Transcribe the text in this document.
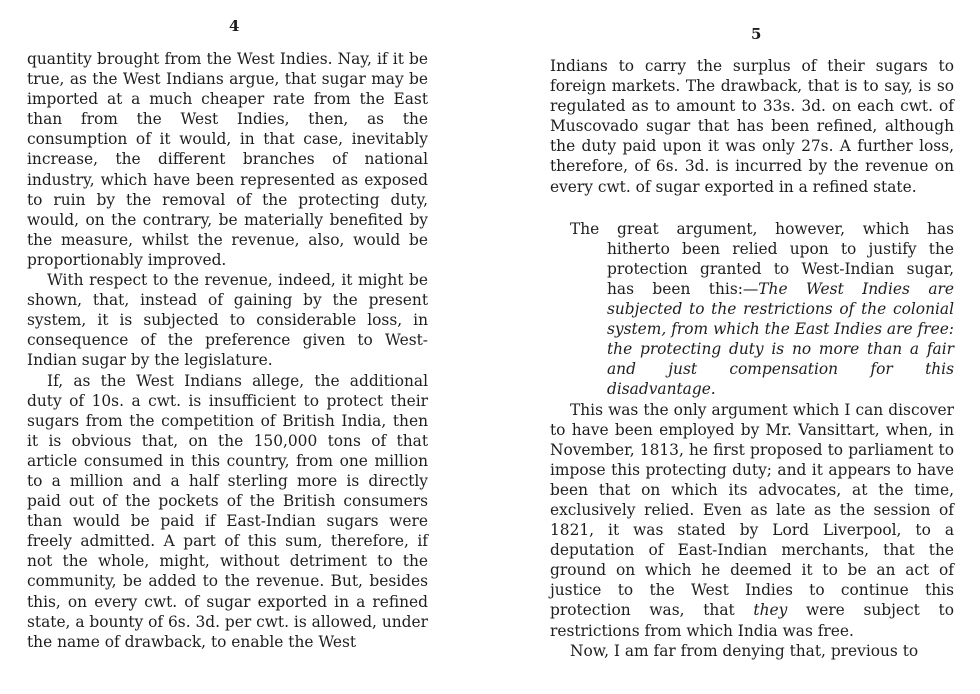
4

quantity brought from the West Indies. Nay, if it be true, as the West Indians argue, that sugar may be imported at a much cheaper rate from the East than from the West Indies, then, as the consumption of it would, in that case, inevitably increase, the different branches of national industry, which have been represented as exposed to ruin by the removal of the protecting duty, would, on the contrary, be materially benefited by the measure, whilst the revenue, also, would be proportionably improved.

With respect to the revenue, indeed, it might be shown, that, instead of gaining by the present system, it is subjected to considerable loss, in consequence of the preference given to West-Indian sugar by the legislature.

If, as the West Indians allege, the additional duty of 10s. a cwt. is insufficient to protect their sugars from the competition of British India, then it is obvious that, on the 150,000 tons of that article consumed in this country, from one million to a million and a half sterling more is directly paid out of the pockets of the British consumers than would be paid if East-Indian sugars were freely admitted. A part of this sum, therefore, if not the whole, might, without detriment to the community, be added to the revenue. But, besides this, on every cwt. of sugar exported in a refined state, a bounty of 6s. 3d. per cwt. is allowed, under the name of drawback, to enable the West

5

Indians to carry the surplus of their sugars to foreign markets. The drawback, that is to say, is so regulated as to amount to 33s. 3d. on each cwt. of Muscovado sugar that has been refined, although the duty paid upon it was only 27s. A further loss, therefore, of 6s. 3d. is incurred by the revenue on every cwt. of sugar exported in a refined state.

The great argument, however, which has hitherto been relied upon to justify the protection granted to West-Indian sugar, has been this:—The West Indies are subjected to the restrictions of the colonial system, from which the East Indies are free: the protecting duty is no more than a fair and just compensation for this disadvantage.

This was the only argument which I can discover to have been employed by Mr. Vansittart, when, in November, 1813, he first proposed to parliament to impose this protecting duty; and it appears to have been that on which its advocates, at the time, exclusively relied. Even as late as the session of 1821, it was stated by Lord Liverpool, to a deputation of East-Indian merchants, that the ground on which he deemed it to be an act of justice to the West Indies to continue this protection was, that they were subject to restrictions from which India was free.

Now, I am far from denying that, previous to
